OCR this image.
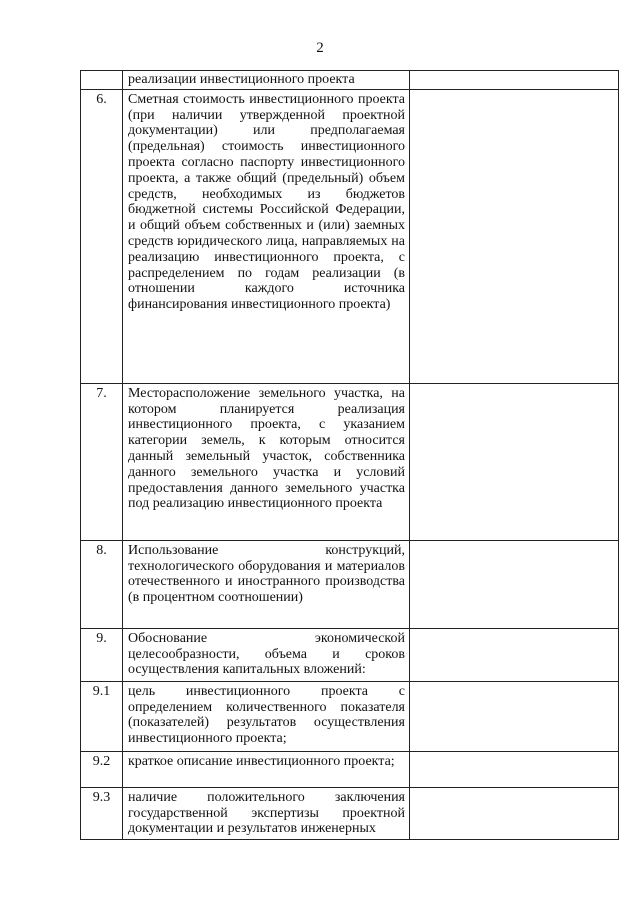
2
	реализации инвестиционного проекта	
6.	Сметная стоимость инвестиционного проекта (при наличии утвержденной проектной документации) или предполагаемая (предельная) стоимость инвестиционного проекта согласно паспорту инвестиционного проекта, а также общий (предельный) объем средств, необходимых из бюджетов бюджетной системы Российской Федерации, и общий объем собственных и (или) заемных средств юридического лица, направляемых на реализацию инвестиционного проекта, с распределением по годам реализации (в отношении каждого источника финансирования инвестиционного проекта)	
7.	Месторасположение земельного участка, на котором планируется реализация инвестиционного проекта, с указанием категории земель, к которым относится данный земельный участок, собственника данного земельного участка и условий предоставления данного земельного участка под реализацию инвестиционного проекта	
8.	Использование конструкций, технологического оборудования и материалов отечественного и иностранного производства (в процентном соотношении)	
9.	Обоснование экономической целесообразности, объема и сроков осуществления капитальных вложений:	
9.1	цель инвестиционного проекта с определением количественного показателя (показателей) результатов осуществления инвестиционного проекта;	
9.2	краткое описание инвестиционного проекта;	
9.3	наличие положительного заключения государственной экспертизы проектной документации и результатов инженерных	
